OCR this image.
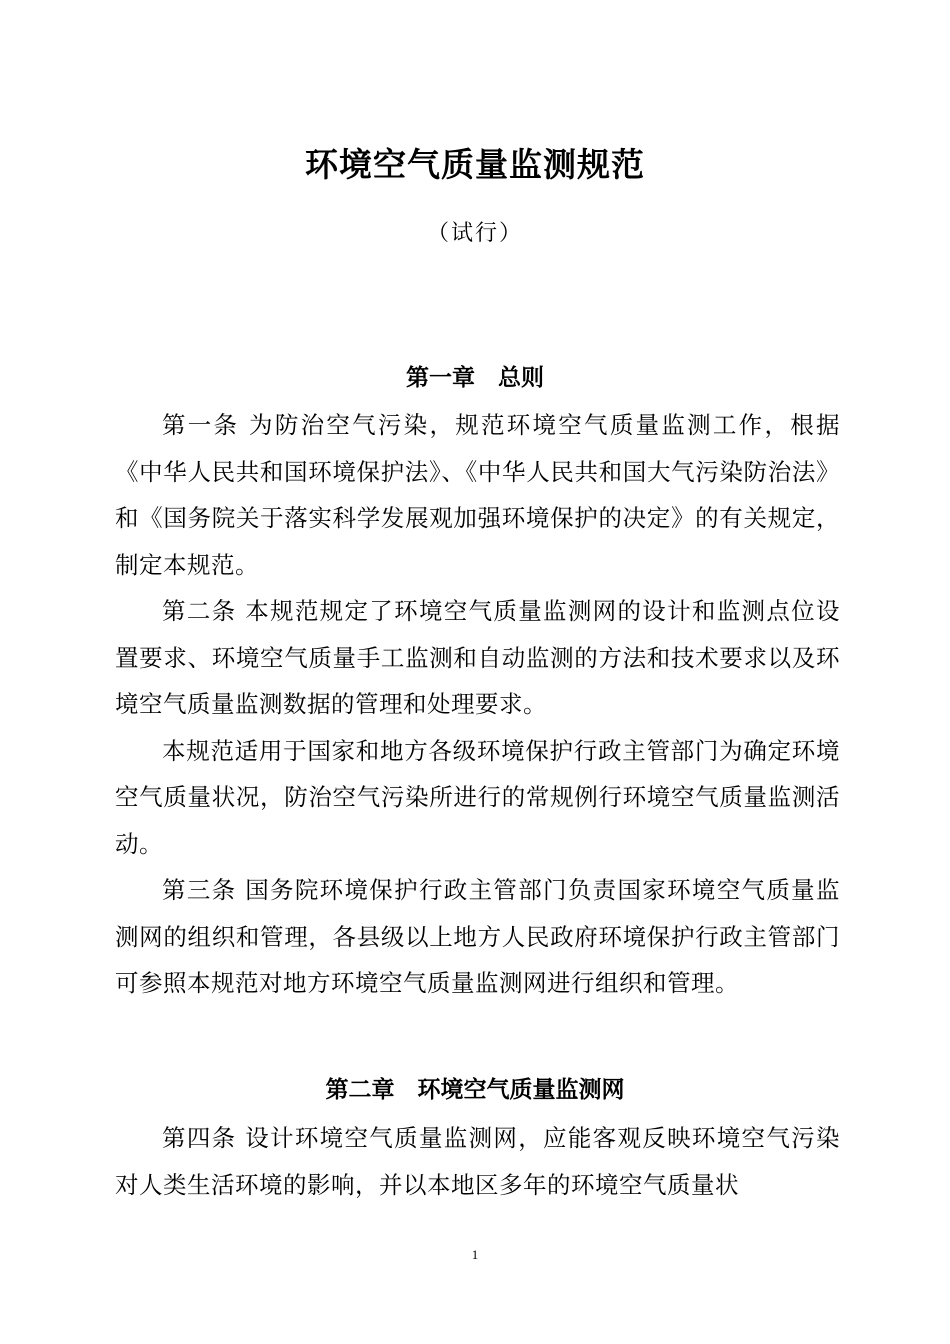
环境空气质量监测规范
（试行）
第一章　总则

第一条 为防治空气污染，规范环境空气质量监测工作，根据《中华人民共和国环境保护法》、《中华人民共和国大气污染防治法》和《国务院关于落实科学发展观加强环境保护的决定》的有关规定，制定本规范。

第二条 本规范规定了环境空气质量监测网的设计和监测点位设置要求、环境空气质量手工监测和自动监测的方法和技术要求以及环境空气质量监测数据的管理和处理要求。

本规范适用于国家和地方各级环境保护行政主管部门为确定环境空气质量状况，防治空气污染所进行的常规例行环境空气质量监测活动。

第三条 国务院环境保护行政主管部门负责国家环境空气质量监测网的组织和管理，各县级以上地方人民政府环境保护行政主管部门可参照本规范对地方环境空气质量监测网进行组织和管理。

第二章　环境空气质量监测网

第四条 设计环境空气质量监测网，应能客观反映环境空气污染对人类生活环境的影响，并以本地区多年的环境空气质量状

1
